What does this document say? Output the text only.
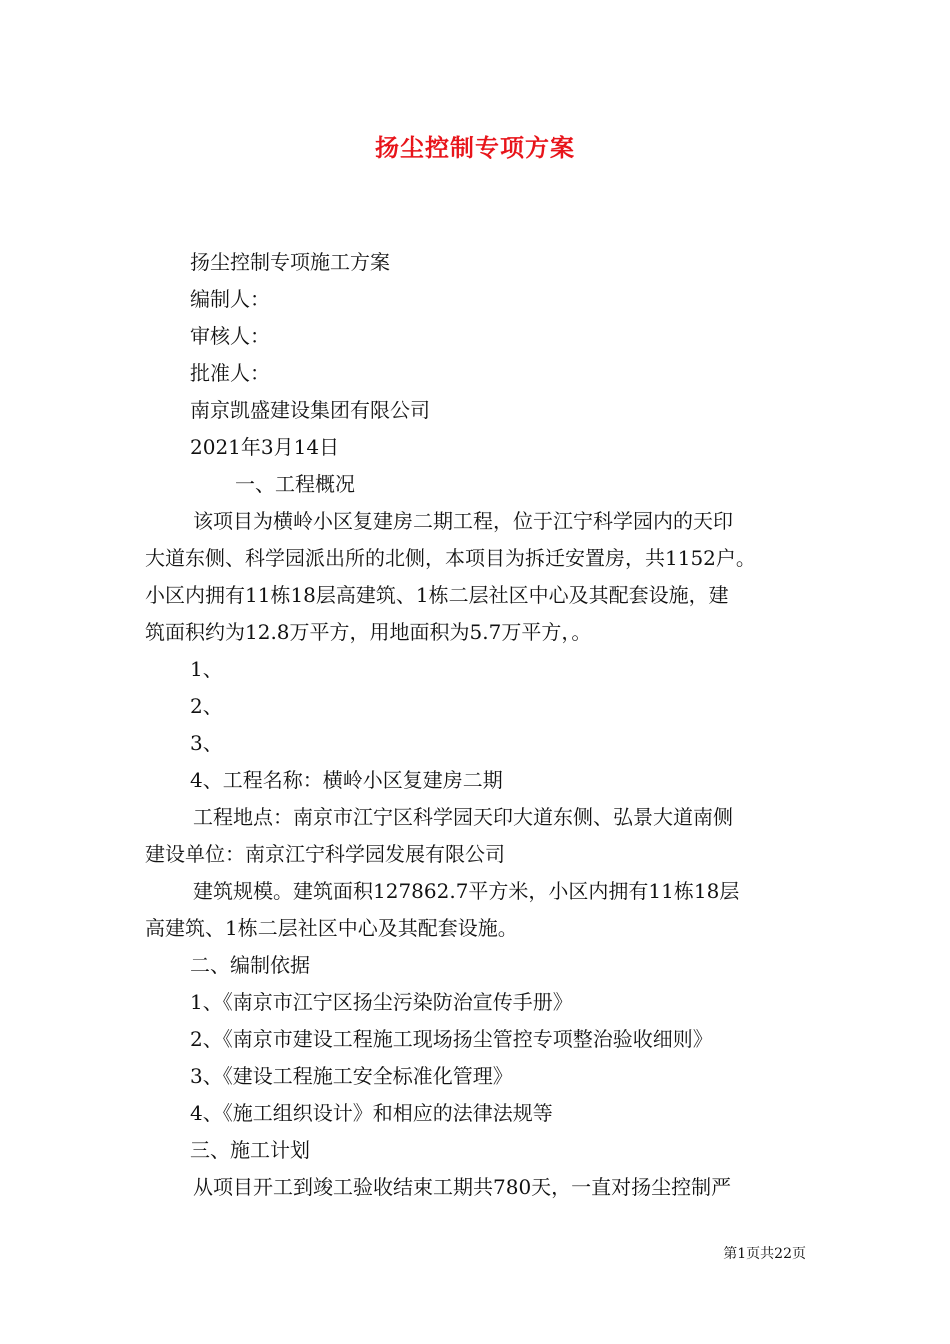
扬尘控制专项方案
扬尘控制专项施工方案
编制人：
审核人：
批准人：
南京凯盛建设集团有限公司
2021年3月14日
一、工程概况
该项目为横岭小区复建房二期工程，位于江宁科学园内的天印
大道东侧、科学园派出所的北侧，本项目为拆迁安置房，共1152户。
小区内拥有11栋18层高建筑、1栋二层社区中心及其配套设施，建
筑面积约为12.8万平方，用地面积为5.7万平方，。
1、
2、
3、
4、工程名称：横岭小区复建房二期
工程地点：南京市江宁区科学园天印大道东侧、弘景大道南侧
建设单位：南京江宁科学园发展有限公司
建筑规模。建筑面积127862.7平方米，小区内拥有11栋18层
高建筑、1栋二层社区中心及其配套设施。
二、编制依据
1、《南京市江宁区扬尘污染防治宣传手册》
2、《南京市建设工程施工现场扬尘管控专项整治验收细则》
3、《建设工程施工安全标准化管理》
4、《施工组织设计》和相应的法律法规等
三、施工计划
从项目开工到竣工验收结束工期共780天，一直对扬尘控制严
第1页共22页
